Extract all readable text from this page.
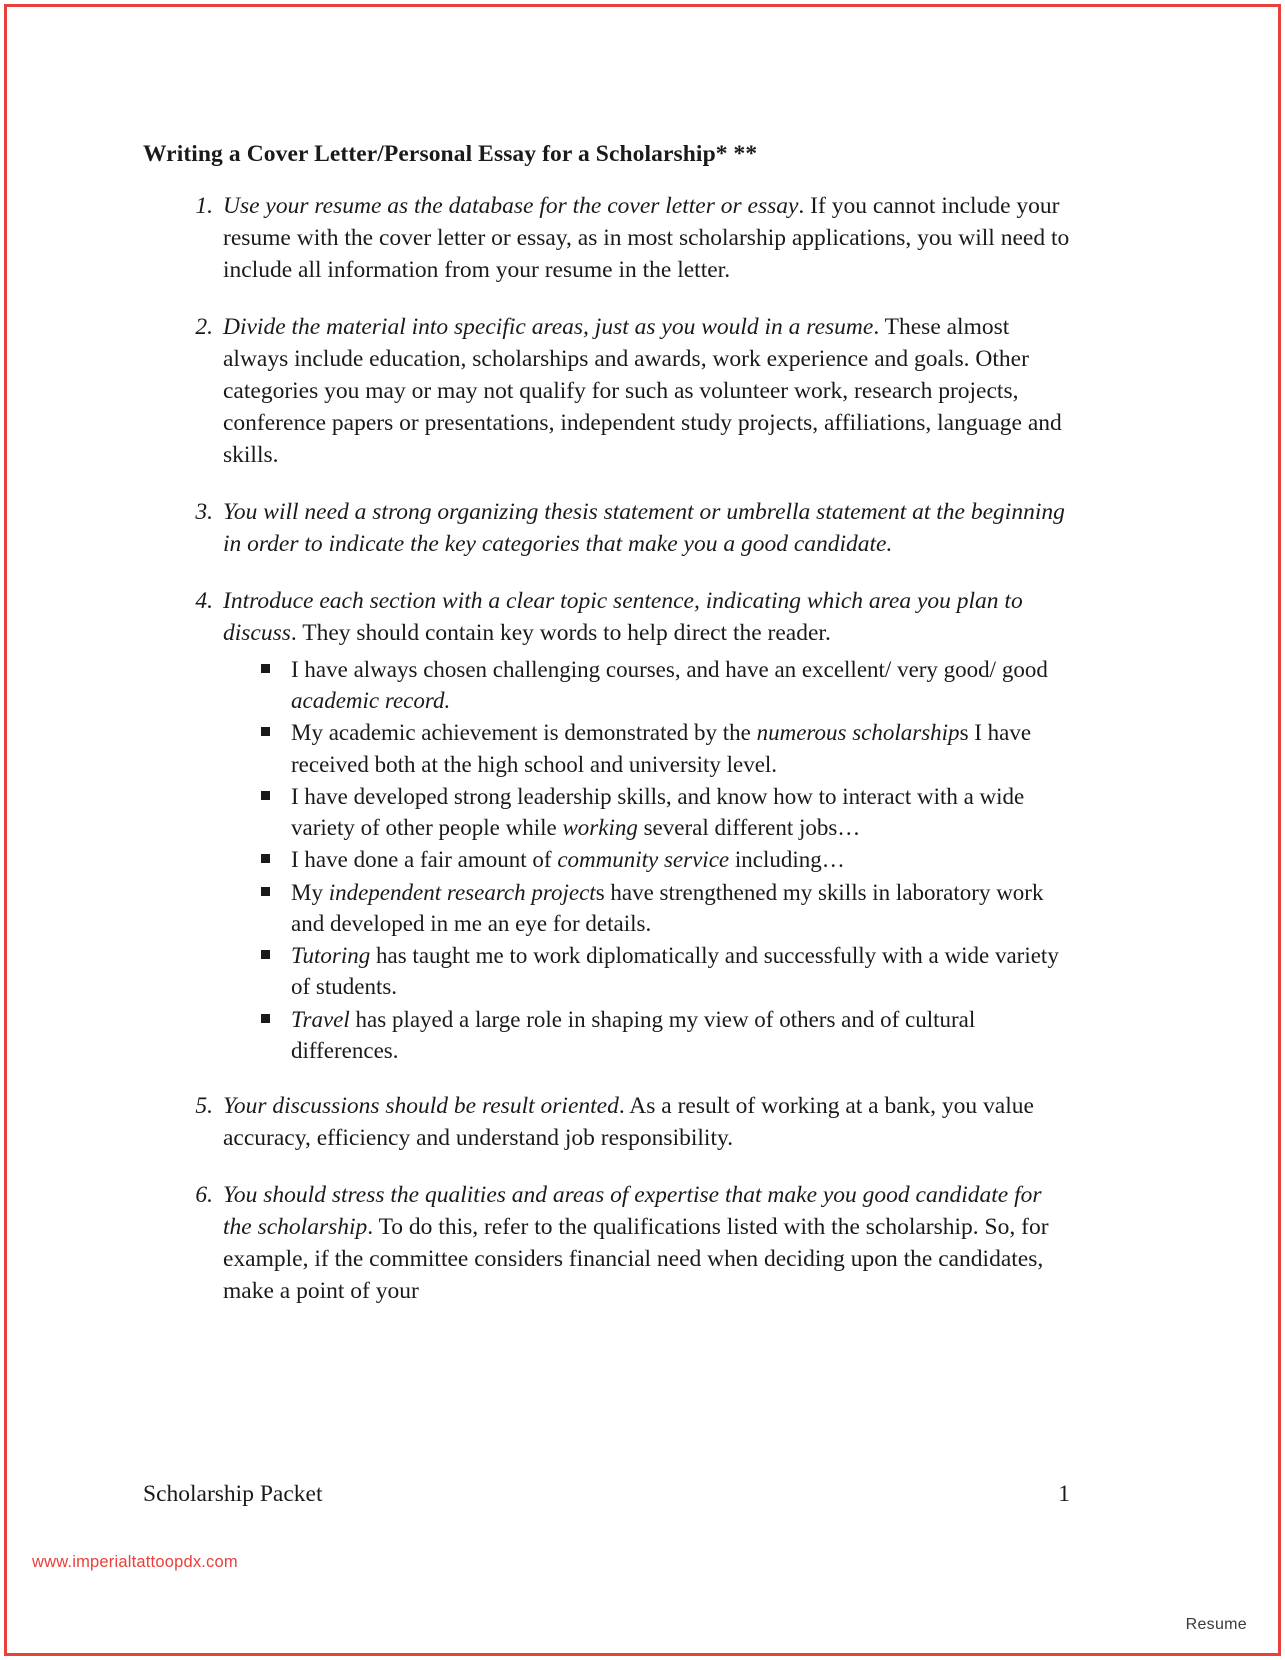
Writing a Cover Letter/Personal Essay for a Scholarship* **
1. Use your resume as the database for the cover letter or essay. If you cannot include your resume with the cover letter or essay, as in most scholarship applications, you will need to include all information from your resume in the letter.
2. Divide the material into specific areas, just as you would in a resume. These almost always include education, scholarships and awards, work experience and goals. Other categories you may or may not qualify for such as volunteer work, research projects, conference papers or presentations, independent study projects, affiliations, language and skills.
3. You will need a strong organizing thesis statement or umbrella statement at the beginning in order to indicate the key categories that make you a good candidate.
4. Introduce each section with a clear topic sentence, indicating which area you plan to discuss. They should contain key words to help direct the reader.
I have always chosen challenging courses, and have an excellent/ very good/ good academic record.
My academic achievement is demonstrated by the numerous scholarships I have received both at the high school and university level.
I have developed strong leadership skills, and know how to interact with a wide variety of other people while working several different jobs…
I have done a fair amount of community service including…
My independent research projects have strengthened my skills in laboratory work and developed in me an eye for details.
Tutoring has taught me to work diplomatically and successfully with a wide variety of students.
Travel has played a large role in shaping my view of others and of cultural differences.
5. Your discussions should be result oriented. As a result of working at a bank, you value accuracy, efficiency and understand job responsibility.
6. You should stress the qualities and areas of expertise that make you good candidate for the scholarship. To do this, refer to the qualifications listed with the scholarship. So, for example, if the committee considers financial need when deciding upon the candidates, make a point of your
Scholarship Packet	1
www.imperialtattoopdx.com
Resume
